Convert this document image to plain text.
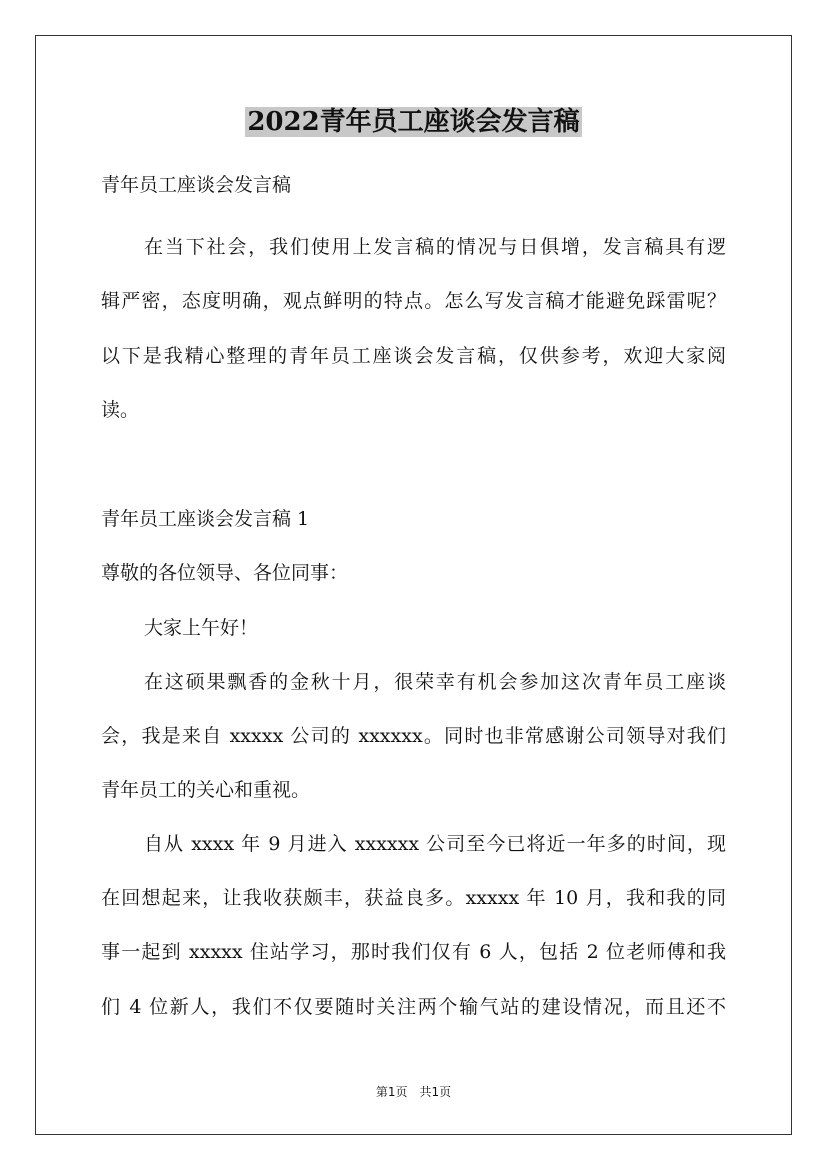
2022青年员工座谈会发言稿
青年员工座谈会发言稿
在当下社会，我们使用上发言稿的情况与日俱增，发言稿具有逻
辑严密，态度明确，观点鲜明的特点。怎么写发言稿才能避免踩雷呢？
以下是我精心整理的青年员工座谈会发言稿，仅供参考，欢迎大家阅
读。
青年员工座谈会发言稿 1
尊敬的各位领导、各位同事：
大家上午好！
在这硕果飘香的金秋十月，很荣幸有机会参加这次青年员工座谈
会，我是来自 xxxxx 公司的 xxxxxx。同时也非常感谢公司领导对我们
青年员工的关心和重视。
自从 xxxx 年 9 月进入 xxxxxx 公司至今已将近一年多的时间，现
在回想起来，让我收获颇丰，获益良多。xxxxx 年 10 月，我和我的同
事一起到 xxxxx 住站学习，那时我们仅有 6 人，包括 2 位老师傅和我
们 4 位新人，我们不仅要随时关注两个输气站的建设情况，而且还不
第1页　共1页
